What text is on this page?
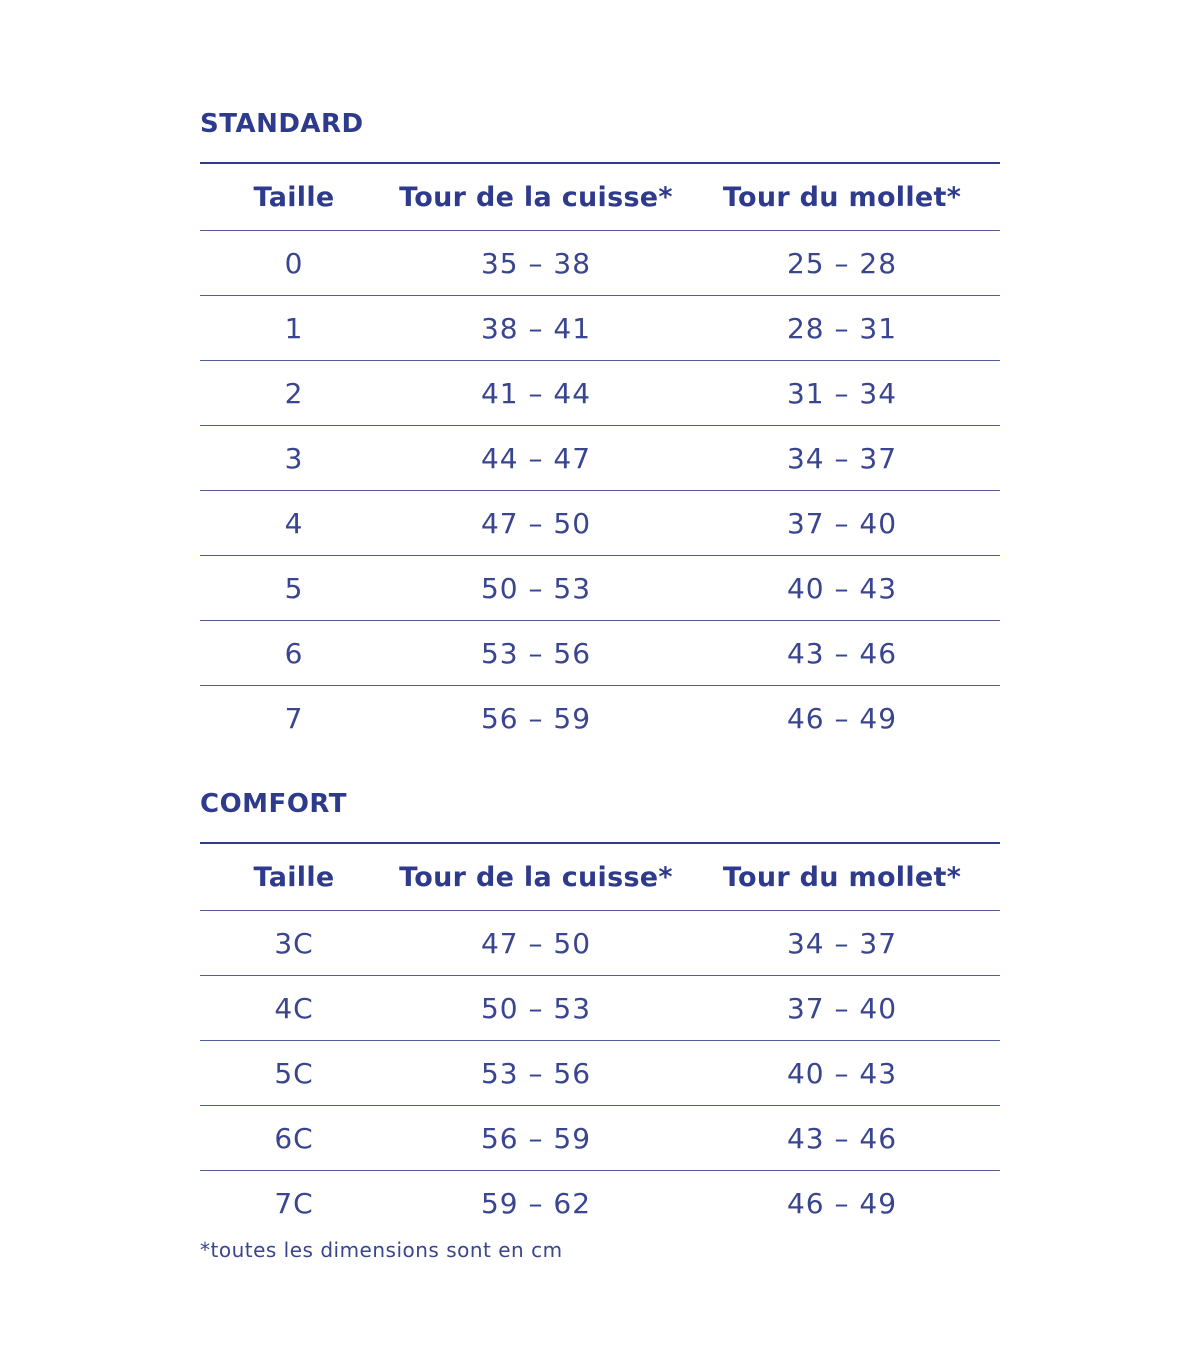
STANDARD
Taille	Tour de la cuisse*	Tour du mollet*
0	35 – 38	25 – 28
1	38 – 41	28 – 31
2	41 – 44	31 – 34
3	44 – 47	34 – 37
4	47 – 50	37 – 40
5	50 – 53	40 – 43
6	53 – 56	43 – 46
7	56 – 59	46 – 49
COMFORT
Taille	Tour de la cuisse*	Tour du mollet*
3C	47 – 50	34 – 37
4C	50 – 53	37 – 40
5C	53 – 56	40 – 43
6C	56 – 59	43 – 46
7C	59 – 62	46 – 49
*toutes les dimensions sont en cm
